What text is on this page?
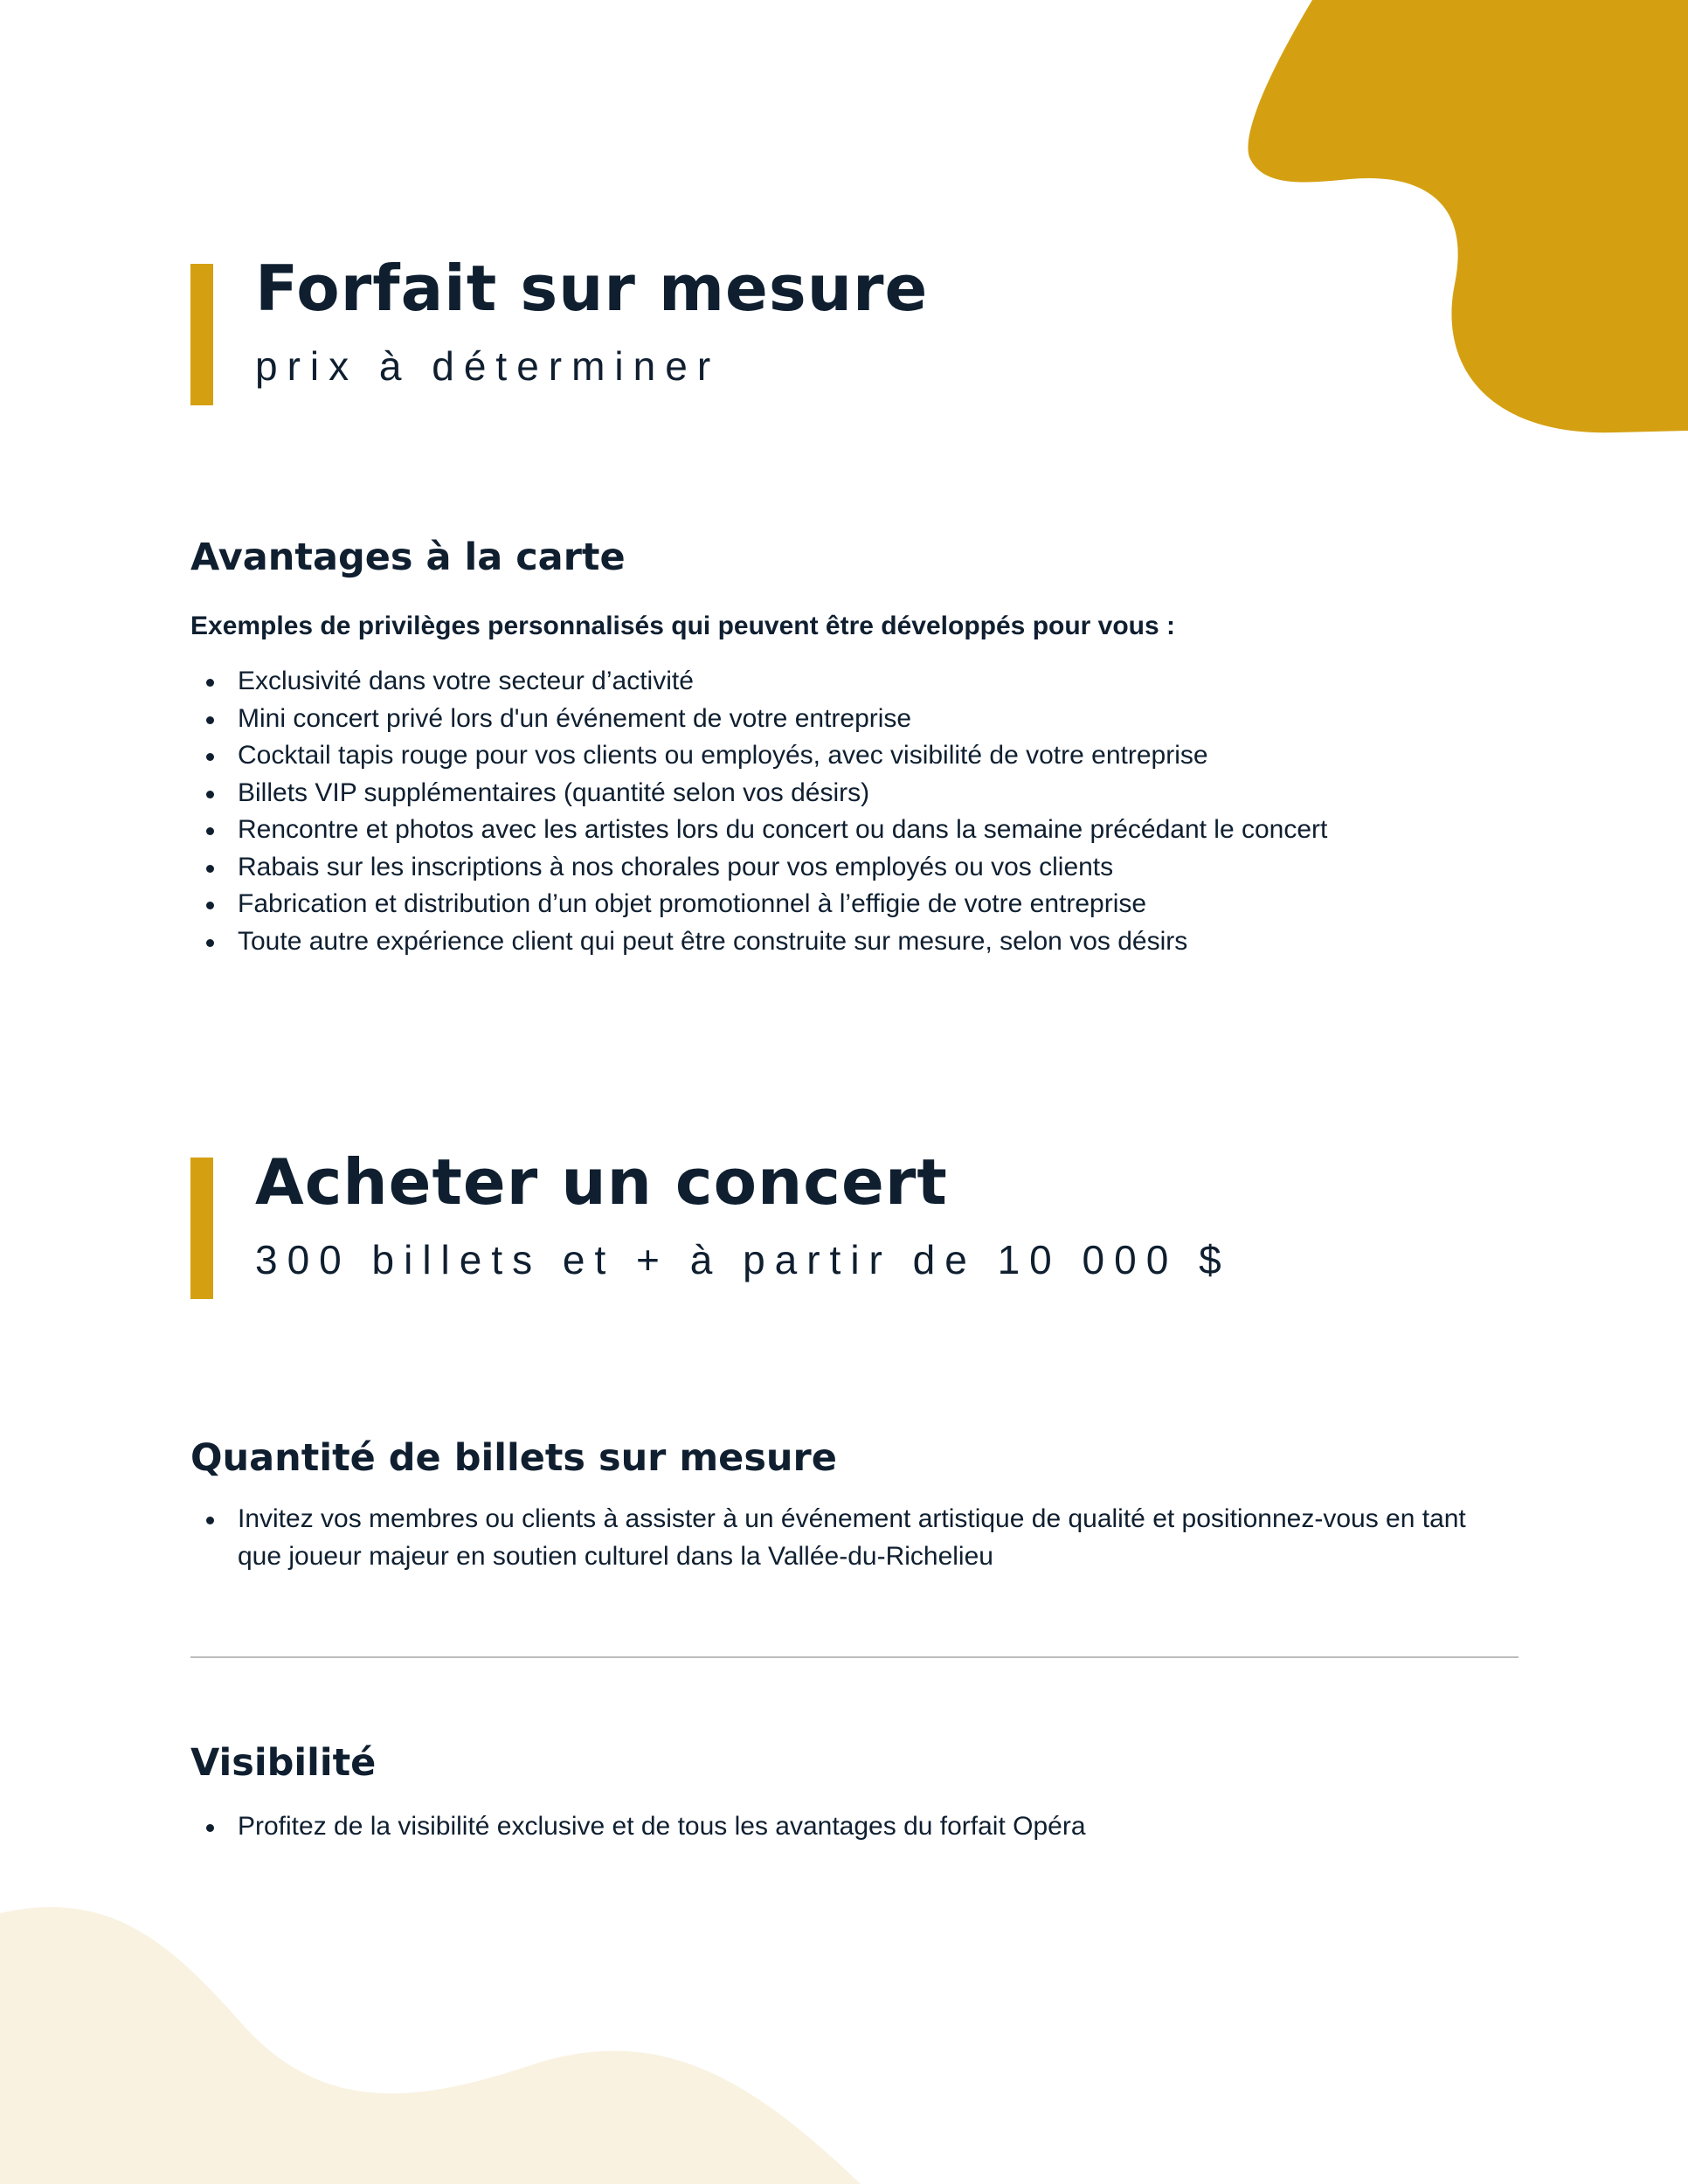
Forfait sur mesure

prix à déterminer

Avantages à la carte

Exemples de privilèges personnalisés qui peuvent être développés pour vous :

Exclusivité dans votre secteur d’activité
Mini concert privé lors d'un événement de votre entreprise
Cocktail tapis rouge pour vos clients ou employés, avec visibilité de votre entreprise
Billets VIP supplémentaires (quantité selon vos désirs)
Rencontre et photos avec les artistes lors du concert ou dans la semaine précédant le concert
Rabais sur les inscriptions à nos chorales pour vos employés ou vos clients
Fabrication et distribution d’un objet promotionnel à l’effigie de votre entreprise
Toute autre expérience client qui peut être construite sur mesure, selon vos désirs
Acheter un concert

300 billets et + à partir de 10 000 $

Quantité de billets sur mesure
Invitez vos membres ou clients à assister à un événement artistique de qualité et positionnez-vous en tant que joueur majeur en soutien culturel dans la Vallée-du-Richelieu
Visibilité
Profitez de la visibilité exclusive et de tous les avantages du forfait Opéra
